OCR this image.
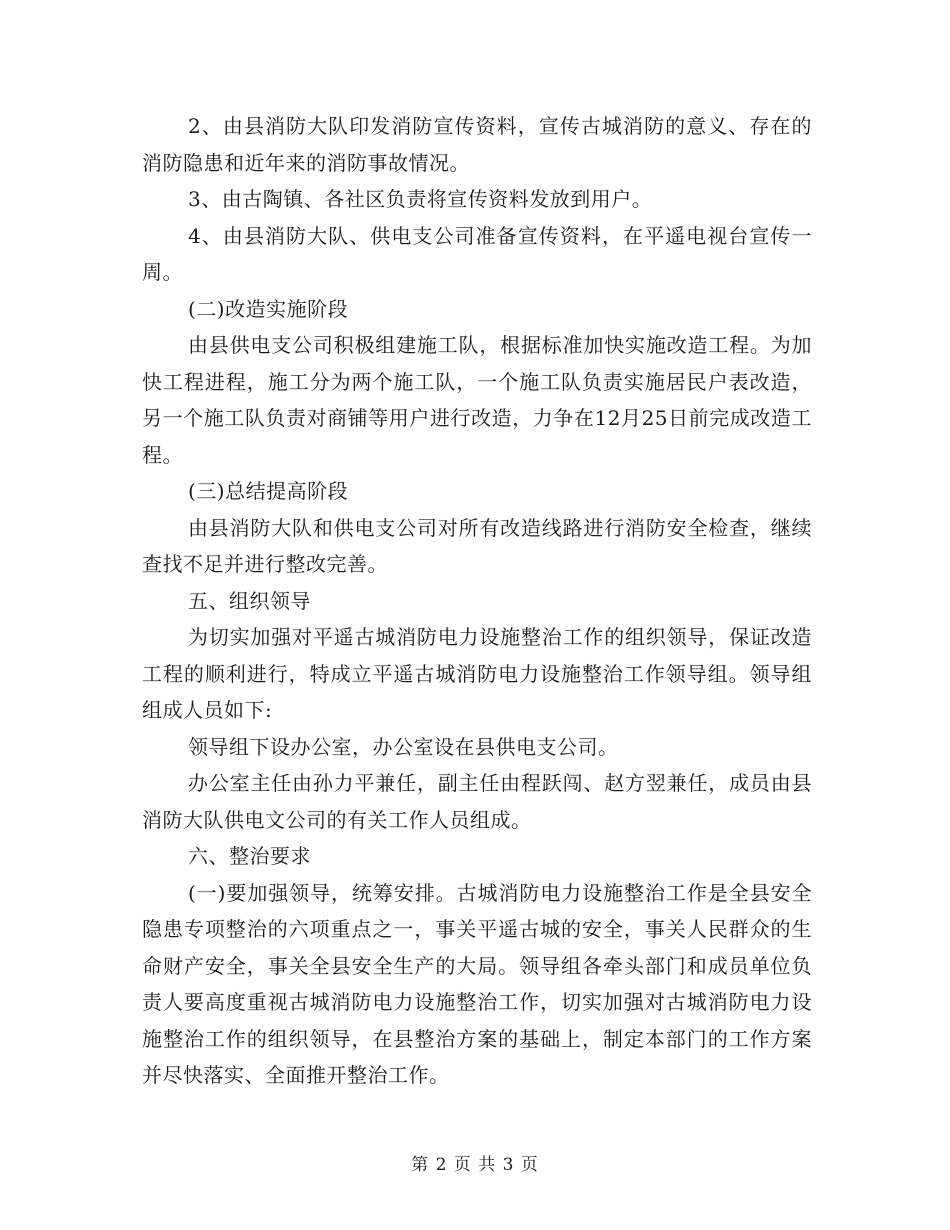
2、由县消防大队印发消防宣传资料，宣传古城消防的意义、存在的消防隐患和近年来的消防事故情况。

3、由古陶镇、各社区负责将宣传资料发放到用户。

4、由县消防大队、供电支公司准备宣传资料，在平遥电视台宣传一周。

(二)改造实施阶段

由县供电支公司积极组建施工队，根据标准加快实施改造工程。为加快工程进程，施工分为两个施工队，一个施工队负责实施居民户表改造，另一个施工队负责对商铺等用户进行改造，力争在12月25日前完成改造工程。

(三)总结提高阶段

由县消防大队和供电支公司对所有改造线路进行消防安全检查，继续查找不足并进行整改完善。

五、组织领导

为切实加强对平遥古城消防电力设施整治工作的组织领导，保证改造工程的顺利进行，特成立平遥古城消防电力设施整治工作领导组。领导组组成人员如下:

领导组下设办公室，办公室设在县供电支公司。

办公室主任由孙力平兼任，副主任由程跃闯、赵方翌兼任，成员由县消防大队供电文公司的有关工作人员组成。

六、整治要求

(一)要加强领导，统筹安排。古城消防电力设施整治工作是全县安全隐患专项整治的六项重点之一，事关平遥古城的安全，事关人民群众的生命财产安全，事关全县安全生产的大局。领导组各牵头部门和成员单位负责人要高度重视古城消防电力设施整治工作，切实加强对古城消防电力设施整治工作的组织领导，在县整治方案的基础上，制定本部门的工作方案并尽快落实、全面推开整治工作。

第 2 页 共 3 页
